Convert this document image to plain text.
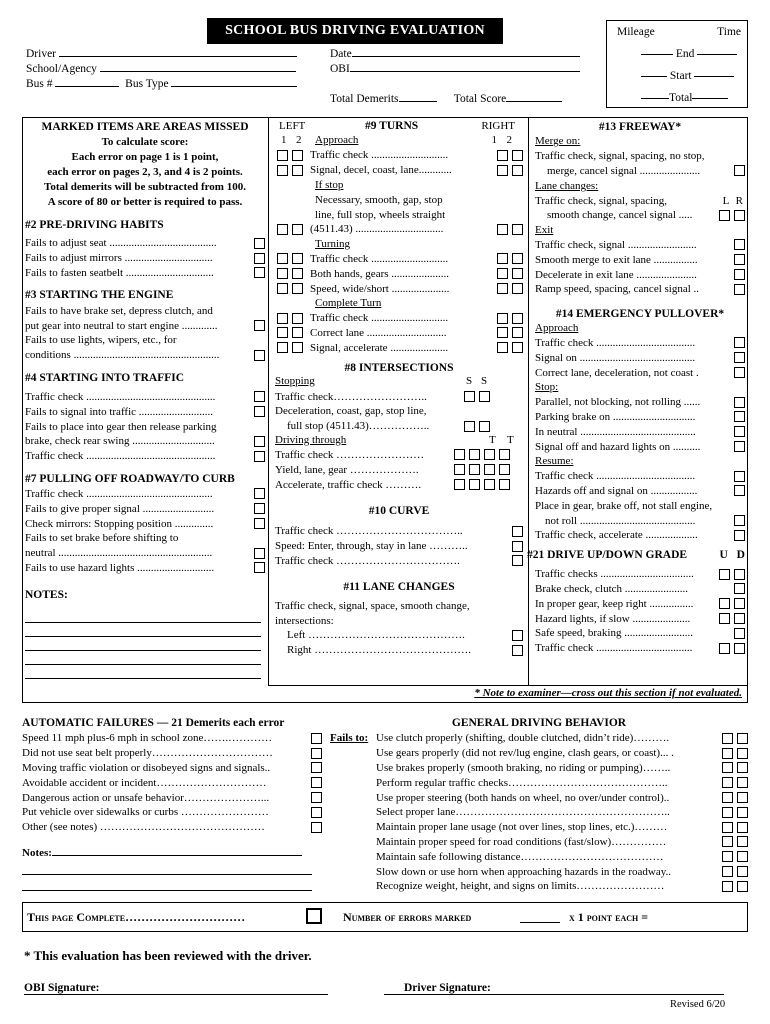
SCHOOL BUS DRIVING EVALUATION
Driver
School/Agency
Bus #	Bus Type
Date
OBI
Total Demerits	Total Score
Mileage	Time
End
Start
Total
MARKED ITEMS ARE AREAS MISSED
To calculate score:
Each error on page 1 is 1 point,
each error on pages 2, 3, and 4 is 2 points.
Total demerits will be subtracted from 100.
A score of 80 or better is required to pass.
#2 PRE-DRIVING HABITS
Fails to adjust seat .......................................
Fails to adjust mirrors ................................
Fails to fasten seatbelt ................................
#3 STARTING THE ENGINE
Fails to have brake set, depress clutch, and
put gear into neutral to start engine .............
Fails to use lights, wipers, etc., for
conditions .....................................................
#4 STARTING INTO TRAFFIC
Traffic check ...............................................
Fails to signal into traffic ...........................
Fails to place into gear then release parking
brake, check rear swing ..............................
Traffic check ...............................................
#7 PULLING OFF ROADWAY/TO CURB
Traffic check ..............................................
Fails to give proper signal ..........................
Check mirrors: Stopping position ..............
Fails to set brake before shifting to
neutral ........................................................
Fails to use hazard lights ............................
NOTES:
LEFT	#9 TURNS	RIGHT
1 2 Approach	1 2
Traffic check ............................
Signal, decel, coast, lane............
If stop
Necessary, smooth, gap, stop
line, full stop, wheels straight
(4511.43) ................................
Turning
Traffic check ............................
Both hands, gears .....................
Speed, wide/short .....................
Complete Turn
Traffic check ............................
Correct lane .............................
Signal, accelerate .....................
#8 INTERSECTIONS
Stopping	S S
Traffic check……………………..
Deceleration, coast, gap, stop line,
full stop (4511.43)……………..
Driving through	T T
Traffic check ……………………
Yield, lane, gear ……………….
Accelerate, traffic check ……….
#10 CURVE
Traffic check ……………………………..
Speed: Enter, through, stay in lane ………..
Traffic check …………………………….
#11 LANE CHANGES
Traffic check, signal, space, smooth change,
intersections:
Left …………………………………….
Right …………………………………….
#13 FREEWAY*
Merge on:
Traffic check, signal, spacing, no stop,
merge, cancel signal ......................
Lane changes:
Traffic check, signal, spacing,	L R
smooth change, cancel signal .....
Exit
Traffic check, signal .........................
Smooth merge to exit lane ................
Decelerate in exit lane ......................
Ramp speed, spacing, cancel signal ..
#14 EMERGENCY PULLOVER*
Approach
Traffic check ....................................
Signal on ..........................................
Correct lane, deceleration, not coast .
Stop:
Parallel, not blocking, not rolling ......
Parking brake on ..............................
In neutral ..........................................
Signal off and hazard lights on ..........
Resume:
Traffic check ....................................
Hazards off and signal on .................
Place in gear, brake off, not stall engine,
not roll ..........................................
Traffic check, accelerate ...................
#21 DRIVE UP/DOWN GRADE	U D
Traffic checks ..................................
Brake check, clutch .......................
In proper gear, keep right ................
Hazard lights, if slow .....................
Safe speed, braking .........................
Traffic check ...................................
* Note to examiner—cross out this section if not evaluated.
AUTOMATIC FAILURES — 21 Demerits each error
Speed 11 mph plus-6 mph in school zone…….…………
Did not use seat belt properly……………………………
Moving traffic violation or disobeyed signs and signals..
Avoidable accident or incident…………………………
Dangerous action or unsafe behavior…………………...
Put vehicle over sidewalks or curbs ……………………
Other (see notes) ………………………………………
Notes:
GENERAL DRIVING BEHAVIOR
Fails to: Use clutch properly (shifting, double clutched, didn’t ride)……….
Use gears properly (did not rev/lug engine, clash gears, or coast)... .
Use brakes properly (smooth braking, no riding or pumping)……..
Perform regular traffic checks……………………………………..
Use proper steering (both hands on wheel, no over/under control)..
Select proper lane…………………………………………………..
Maintain proper lane usage (not over lines, stop lines, etc.)………
Maintain proper speed for road conditions (fast/slow)……………
Maintain safe following distance…………………………………
Slow down or use horn when approaching hazards in the roadway..
Recognize weight, height, and signs on limits……………………
This page Complete…………………………	Number of errors marked	x 1 point each =
* This evaluation has been reviewed with the driver.
OBI Signature:	Driver Signature:
Revised 6/20
